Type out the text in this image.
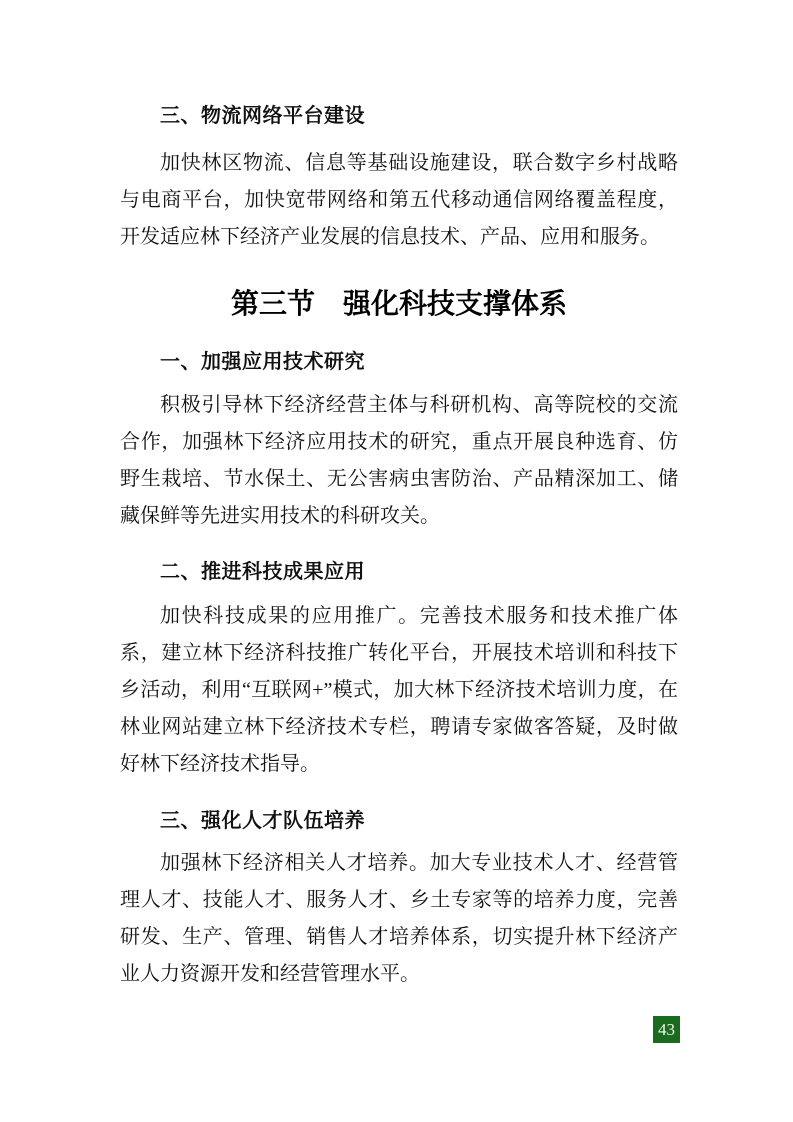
三、物流网络平台建设

加快林区物流、信息等基础设施建设，联合数字乡村战略与电商平台，加快宽带网络和第五代移动通信网络覆盖程度，开发适应林下经济产业发展的信息技术、产品、应用和服务。

第三节　强化科技支撑体系
一、加强应用技术研究

积极引导林下经济经营主体与科研机构、高等院校的交流合作，加强林下经济应用技术的研究，重点开展良种选育、仿野生栽培、节水保土、无公害病虫害防治、产品精深加工、储藏保鲜等先进实用技术的科研攻关。

二、推进科技成果应用

加快科技成果的应用推广。完善技术服务和技术推广体系，建立林下经济科技推广转化平台，开展技术培训和科技下乡活动，利用“互联网+”模式，加大林下经济技术培训力度，在林业网站建立林下经济技术专栏，聘请专家做客答疑，及时做好林下经济技术指导。

三、强化人才队伍培养

加强林下经济相关人才培养。加大专业技术人才、经营管理人才、技能人才、服务人才、乡土专家等的培养力度，完善研发、生产、管理、销售人才培养体系，切实提升林下经济产业人力资源开发和经营管理水平。

43
